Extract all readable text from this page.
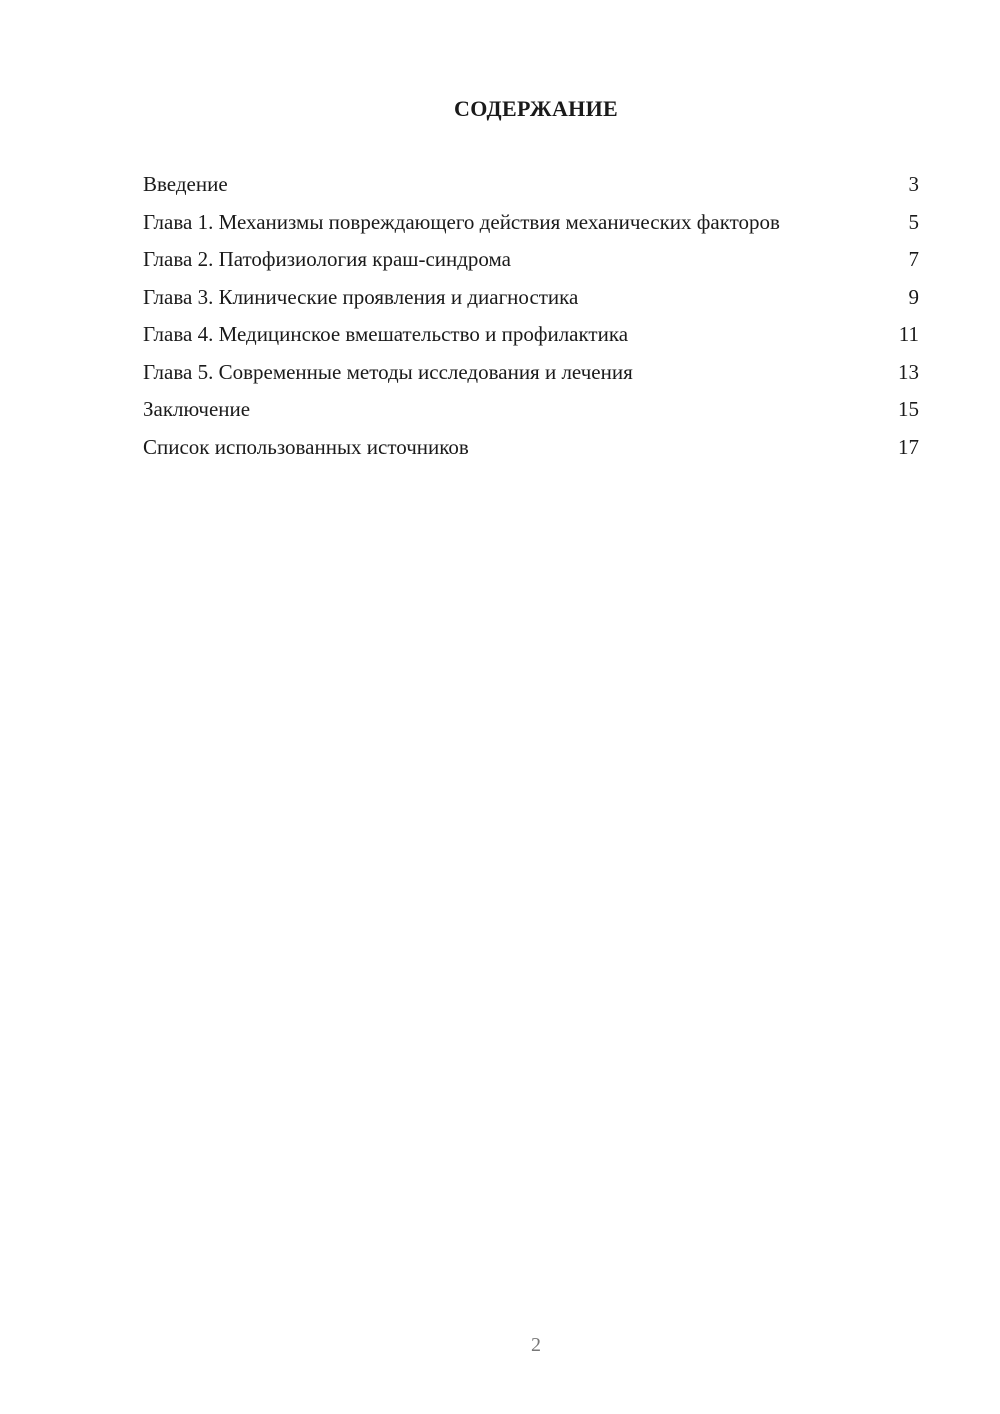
СОДЕРЖАНИЕ
Введение	3
Глава 1. Механизмы повреждающего действия механических факторов	5
Глава 2. Патофизиология краш-синдрома	7
Глава 3. Клинические проявления и диагностика	9
Глава 4. Медицинское вмешательство и профилактика	11
Глава 5. Современные методы исследования и лечения	13
Заключение	15
Список использованных источников	17
2
